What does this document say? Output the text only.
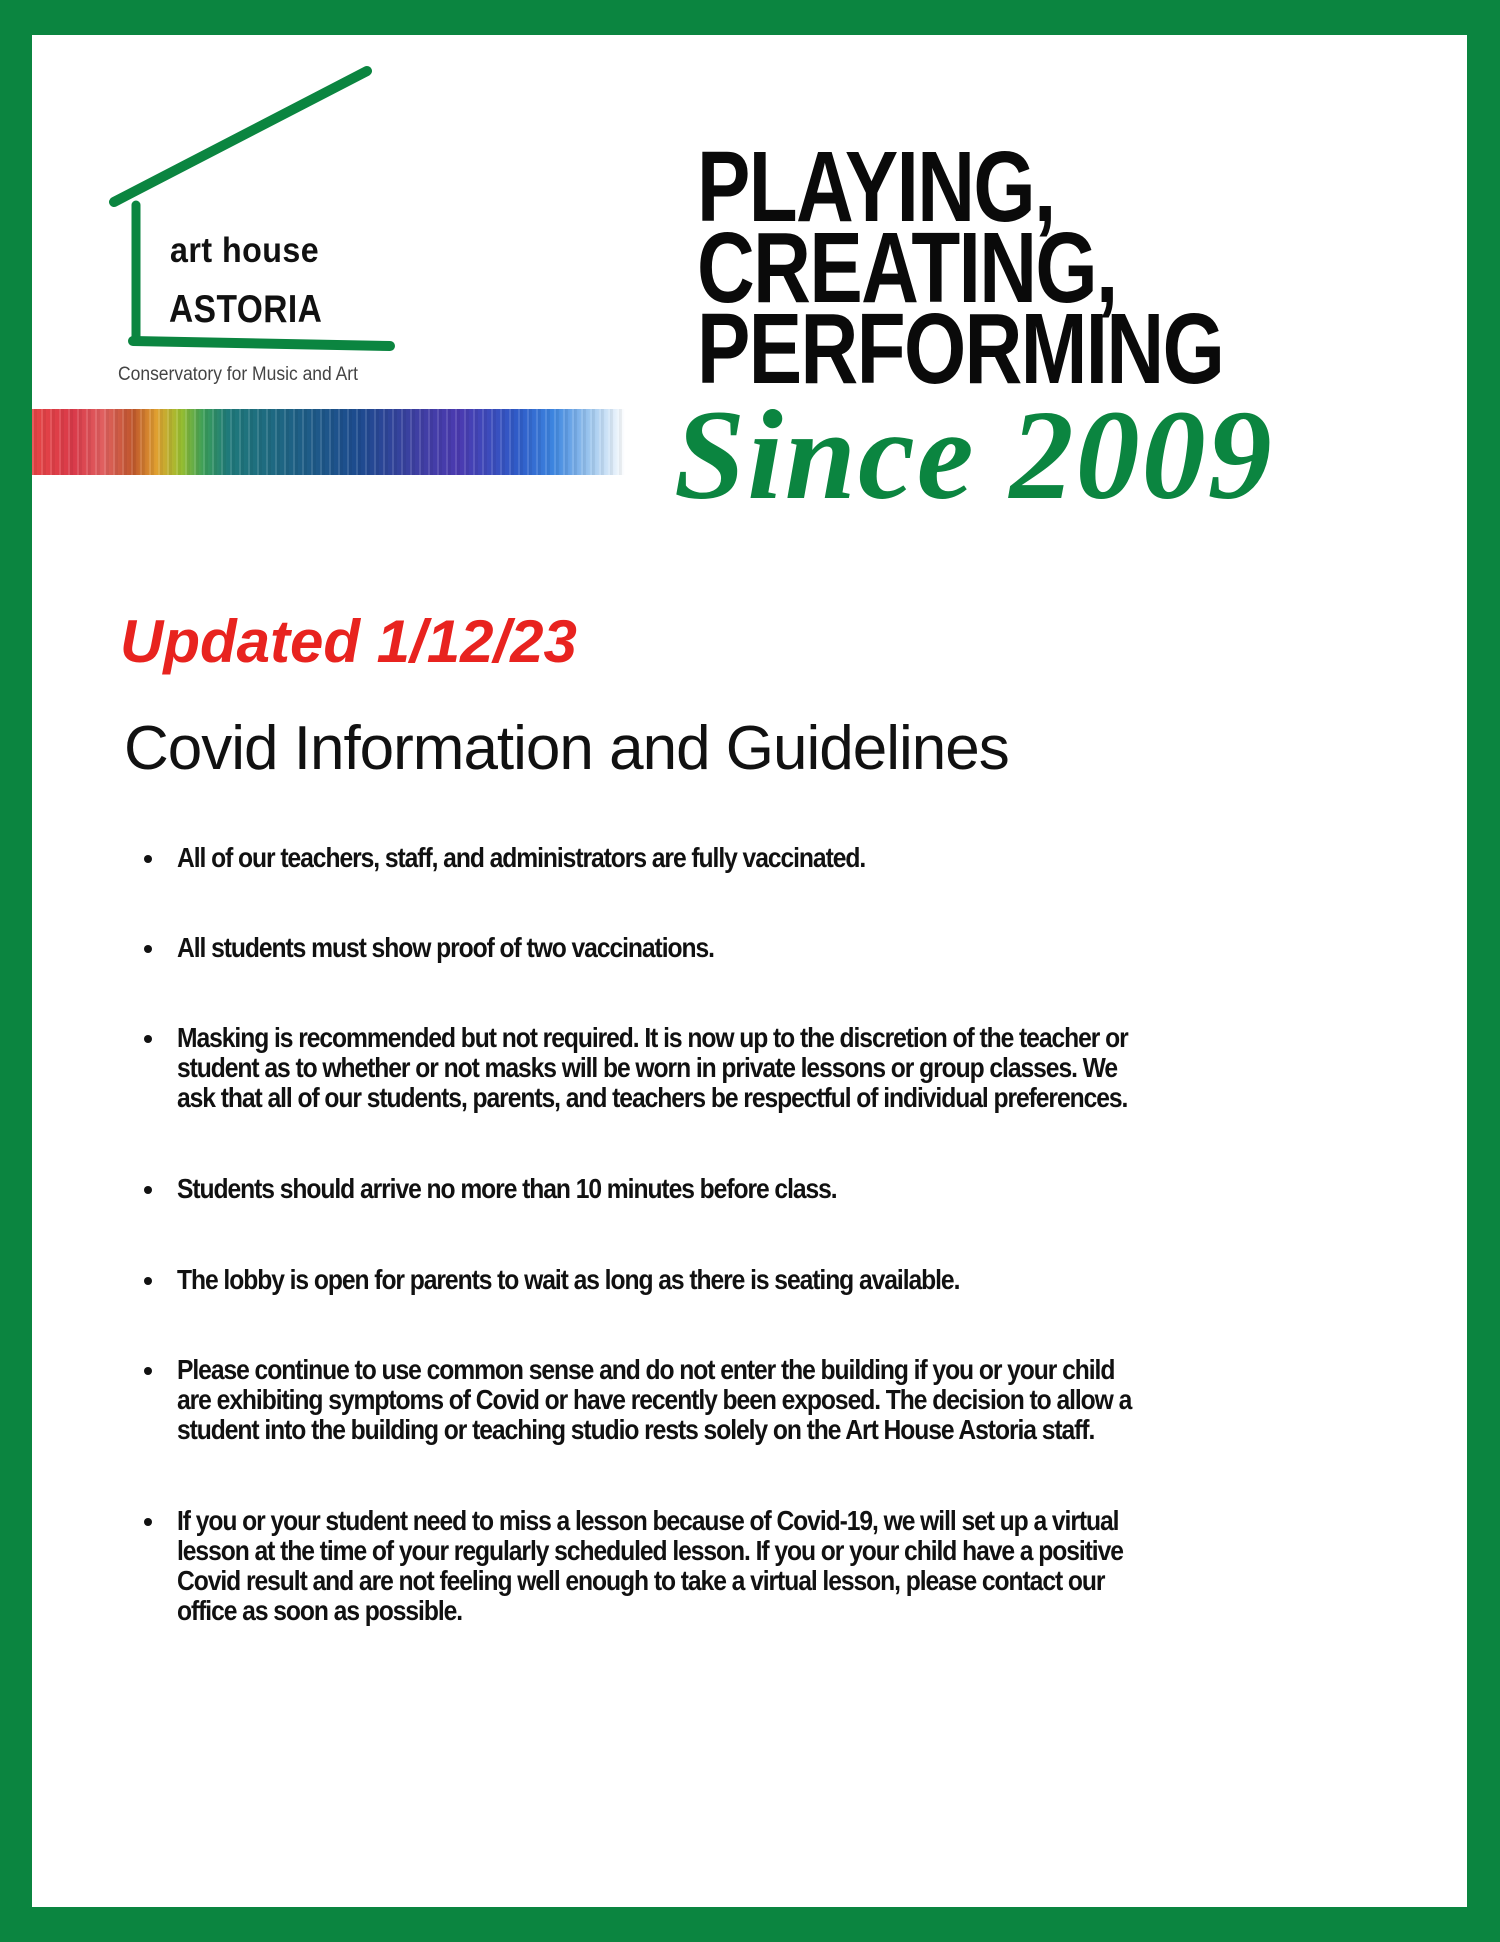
art house
ASTORIA
Conservatory for Music and Art
PLAYING,
CREATING,
PERFORMING
Since 2009
Updated 1/12/23
Covid Information and Guidelines
All of our teachers, staff, and administrators are fully vaccinated.
All students must show proof of two vaccinations.
Masking is recommended but not required. It is now up to the discretion of the teacher or
student as to whether or not masks will be worn in private lessons or group classes. We
ask that all of our students, parents, and teachers be respectful of individual preferences.
Students should arrive no more than 10 minutes before class.
The lobby is open for parents to wait as long as there is seating available.
Please continue to use common sense and do not enter the building if you or your child
are exhibiting symptoms of Covid or have recently been exposed. The decision to allow a
student into the building or teaching studio rests solely on the Art House Astoria staff.
If you or your student need to miss a lesson because of Covid-19, we will set up a virtual
lesson at the time of your regularly scheduled lesson. If you or your child have a positive
Covid result and are not feeling well enough to take a virtual lesson, please contact our
office as soon as possible.
